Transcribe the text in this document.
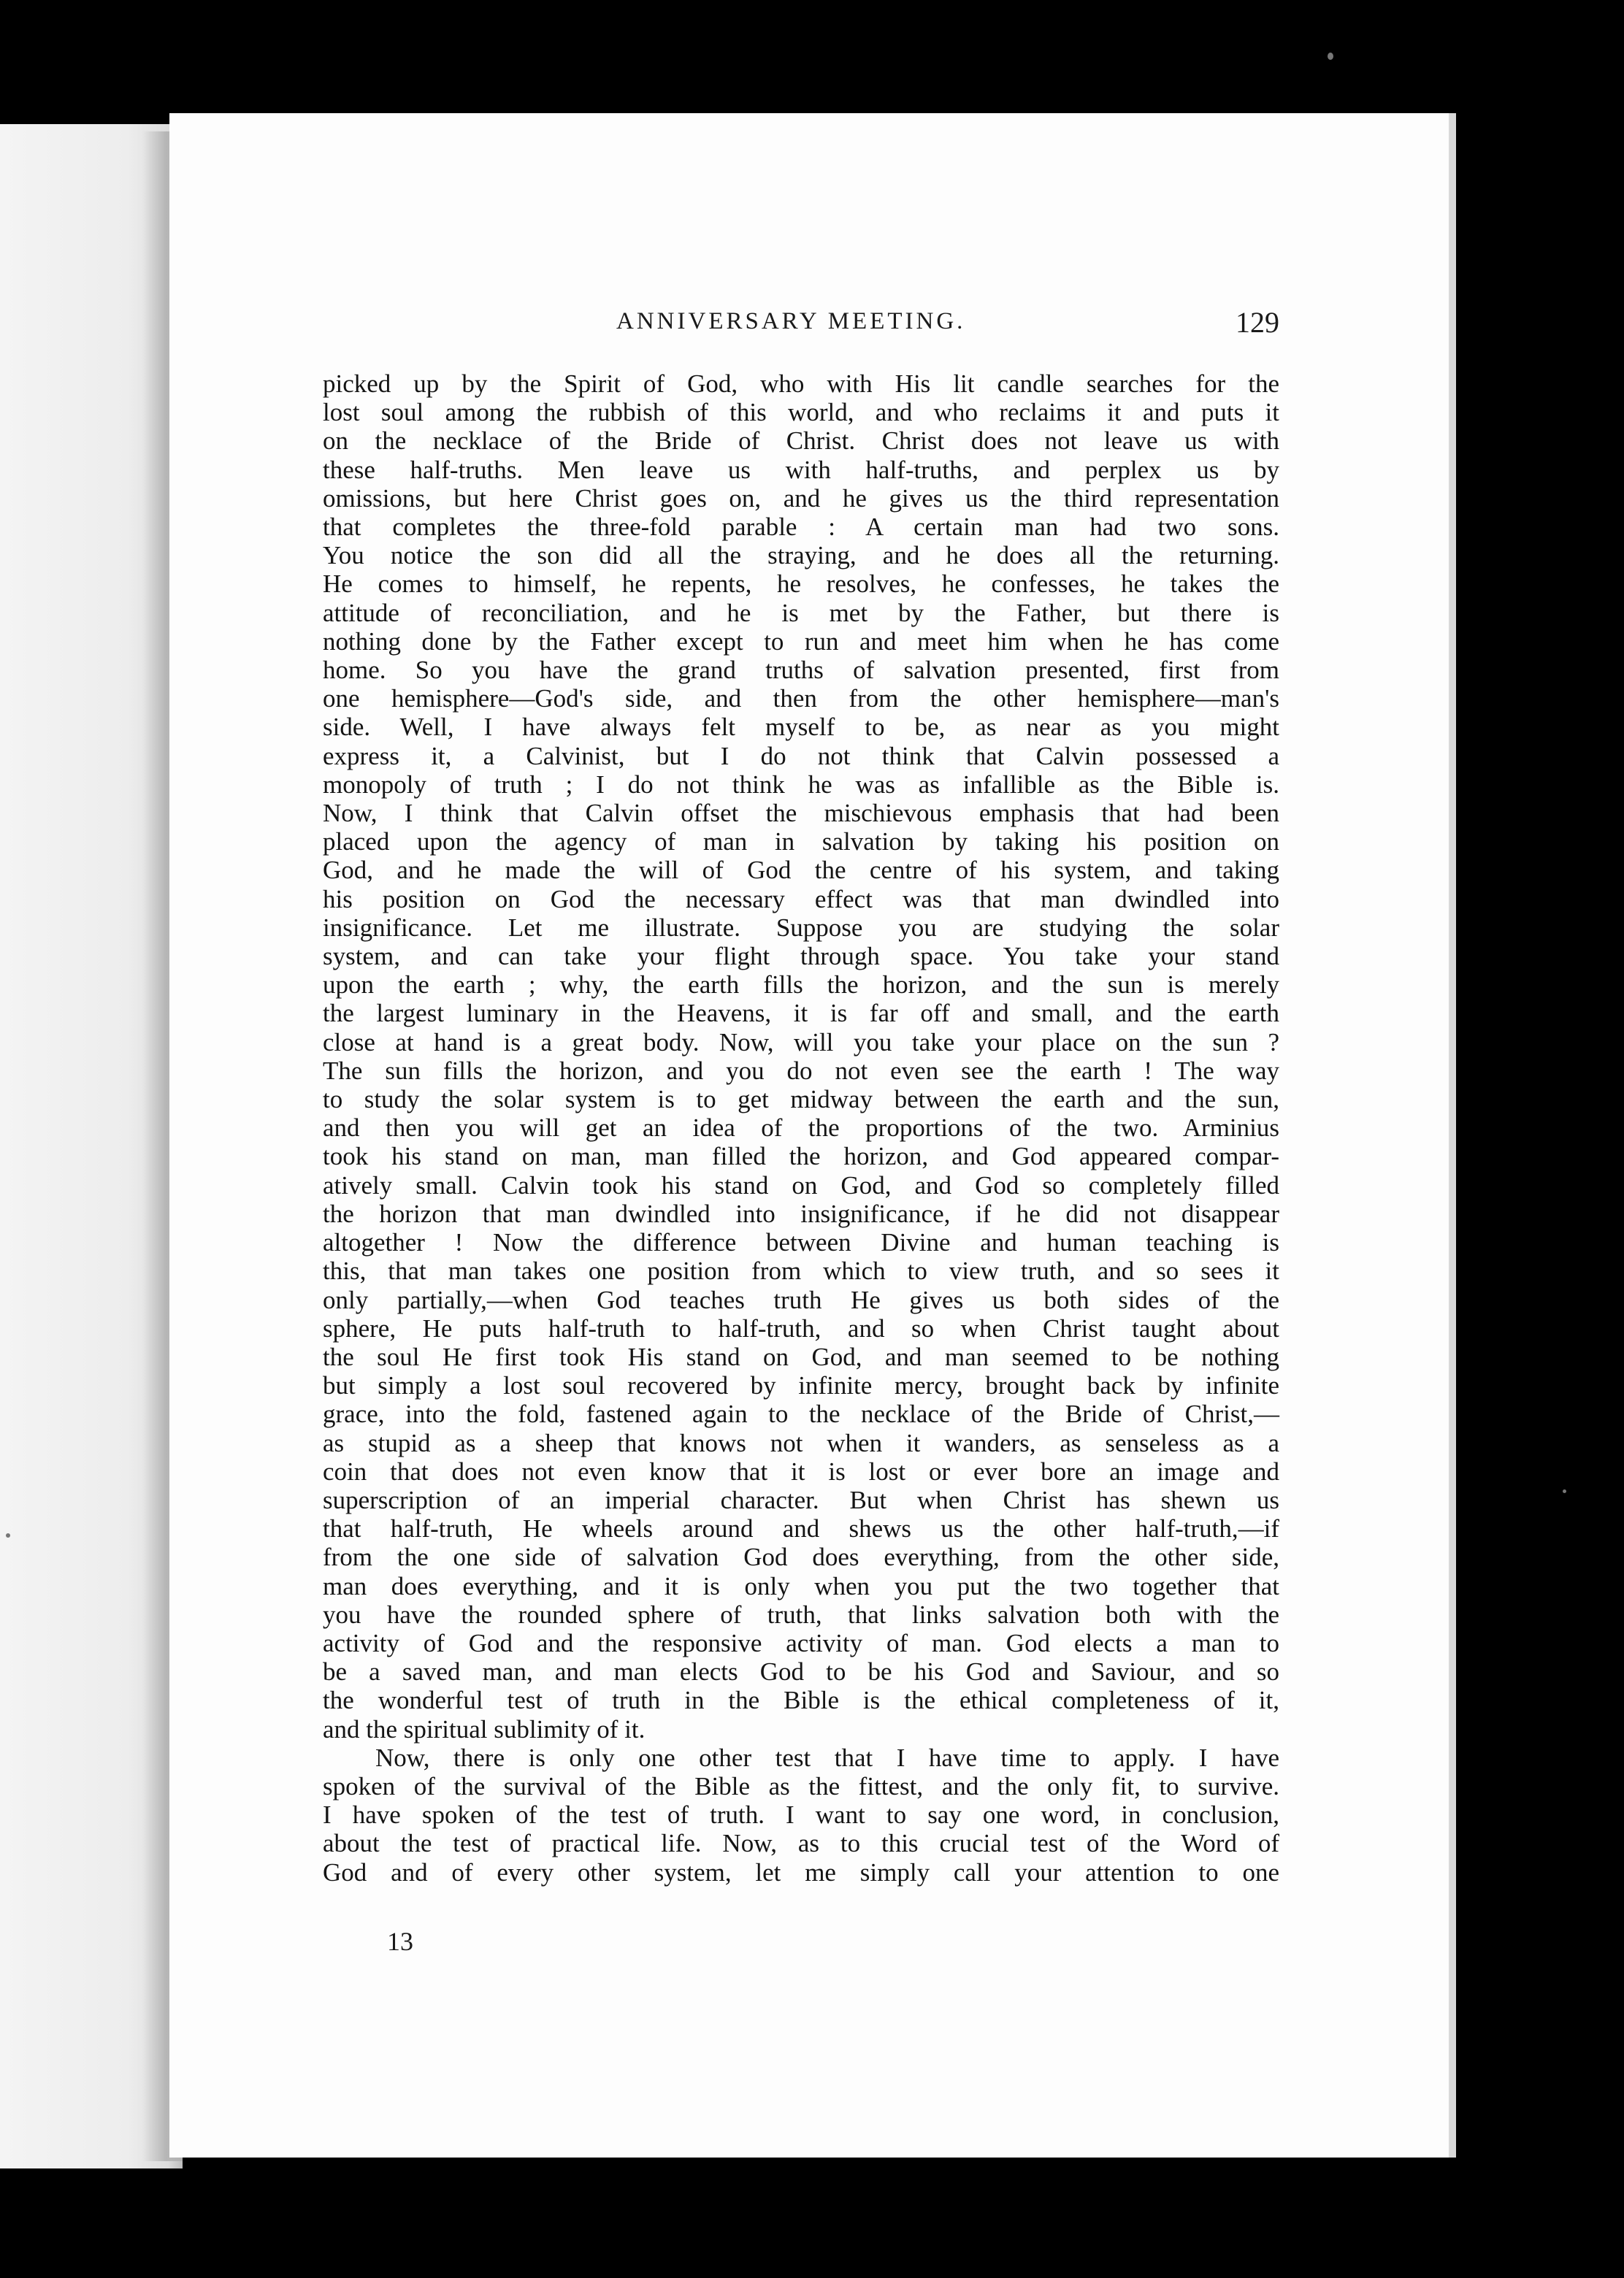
ANNIVERSARY MEETING.	129
picked up by the Spirit of God, who with His lit candle searches for the
lost soul among the rubbish of this world, and who reclaims it and puts it
on the necklace of the Bride of Christ. Christ does not leave us with
these half-truths. Men leave us with half-truths, and perplex us by
omissions, but here Christ goes on, and he gives us the third representation
that completes the three-fold parable : A certain man had two sons.
You notice the son did all the straying, and he does all the returning.
He comes to himself, he repents, he resolves, he confesses, he takes the
attitude of reconciliation, and he is met by the Father, but there is
nothing done by the Father except to run and meet him when he has come
home. So you have the grand truths of salvation presented, first from
one hemisphere—God's side, and then from the other hemisphere—man's
side. Well, I have always felt myself to be, as near as you might
express it, a Calvinist, but I do not think that Calvin possessed a
monopoly of truth ; I do not think he was as infallible as the Bible is.
Now, I think that Calvin offset the mischievous emphasis that had been
placed upon the agency of man in salvation by taking his position on
God, and he made the will of God the centre of his system, and taking
his position on God the necessary effect was that man dwindled into
insignificance. Let me illustrate. Suppose you are studying the solar
system, and can take your flight through space. You take your stand
upon the earth ; why, the earth fills the horizon, and the sun is merely
the largest luminary in the Heavens, it is far off and small, and the earth
close at hand is a great body. Now, will you take your place on the sun ?
The sun fills the horizon, and you do not even see the earth ! The way
to study the solar system is to get midway between the earth and the sun,
and then you will get an idea of the proportions of the two. Arminius
took his stand on man, man filled the horizon, and God appeared compar-
atively small. Calvin took his stand on God, and God so completely filled
the horizon that man dwindled into insignificance, if he did not disappear
altogether ! Now the difference between Divine and human teaching is
this, that man takes one position from which to view truth, and so sees it
only partially,—when God teaches truth He gives us both sides of the
sphere, He puts half-truth to half-truth, and so when Christ taught about
the soul He first took His stand on God, and man seemed to be nothing
but simply a lost soul recovered by infinite mercy, brought back by infinite
grace, into the fold, fastened again to the necklace of the Bride of Christ,—
as stupid as a sheep that knows not when it wanders, as senseless as a
coin that does not even know that it is lost or ever bore an image and
superscription of an imperial character. But when Christ has shewn us
that half-truth, He wheels around and shews us the other half-truth,—if
from the one side of salvation God does everything, from the other side,
man does everything, and it is only when you put the two together that
you have the rounded sphere of truth, that links salvation both with the
activity of God and the responsive activity of man. God elects a man to
be a saved man, and man elects God to be his God and Saviour, and so
the wonderful test of truth in the Bible is the ethical completeness of it,
and the spiritual sublimity of it.
Now, there is only one other test that I have time to apply. I have
spoken of the survival of the Bible as the fittest, and the only fit, to survive.
I have spoken of the test of truth. I want to say one word, in conclusion,
about the test of practical life. Now, as to this crucial test of the Word of
God and of every other system, let me simply call your attention to one
13
